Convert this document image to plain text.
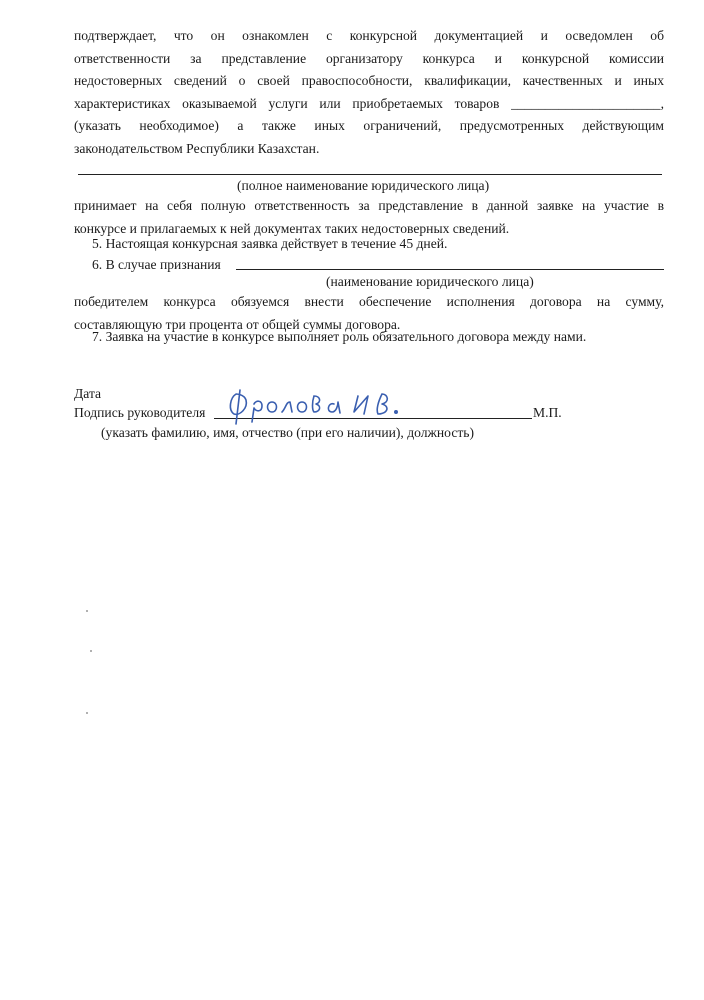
подтверждает, что он ознакомлен с конкурсной документацией и осведомлен об
ответственности за представление организатору конкурса и конкурсной комиссии
недостоверных сведений о своей правоспособности, квалификации, качественных и иных
характеристиках оказываемой услуги или приобретаемых товаров ______________________,
(указать необходимое) а также иных ограничений, предусмотренных действующим
законодательством Республики Казахстан.
(полное наименование юридического лица)
принимает на себя полную ответственность за представление в данной заявке на участие в
конкурсе и прилагаемых к ней документах таких недостоверных сведений.
5. Настоящая конкурсная заявка действует в течение 45 дней.
6. В случае признания
(наименование юридического лица)
победителем конкурса обязуемся внести обеспечение исполнения договора на сумму,
составляющую три процента от общей суммы договора.
7. Заявка на участие в конкурсе выполняет роль обязательного договора между нами.
Дата
Подпись руководителя	М.П.
(указать фамилию, имя, отчество (при его наличии), должность)
